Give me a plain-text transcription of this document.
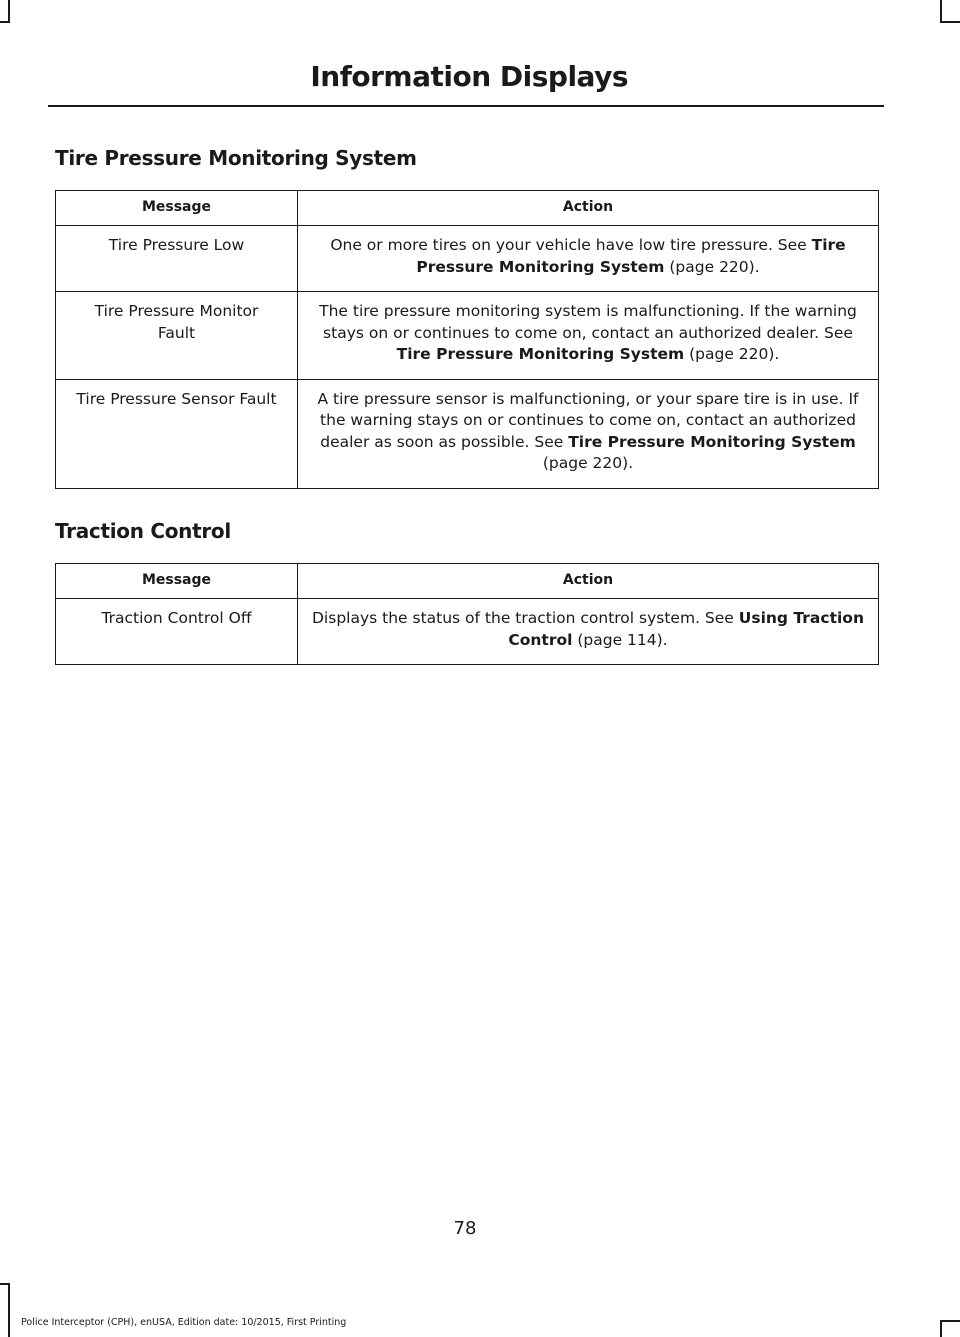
Information Displays
Tire Pressure Monitoring System
Message	Action
Tire Pressure Low	One or more tires on your vehicle have low tire pressure. See Tire Pressure Monitoring System (page 220).
Tire Pressure Monitor Fault	The tire pressure monitoring system is malfunctioning. If the warning stays on or continues to come on, contact an authorized dealer. See Tire Pressure Monitoring System (page 220).
Tire Pressure Sensor Fault	A tire pressure sensor is malfunctioning, or your spare tire is in use. If the warning stays on or continues to come on, contact an authorized dealer as soon as possible. See Tire Pressure Monitoring System (page 220).
Traction Control
Message	Action
Traction Control Off	Displays the status of the traction control system. See Using Traction Control (page 114).
78
Police Interceptor (CPH), enUSA, Edition date: 10/2015, First Printing
